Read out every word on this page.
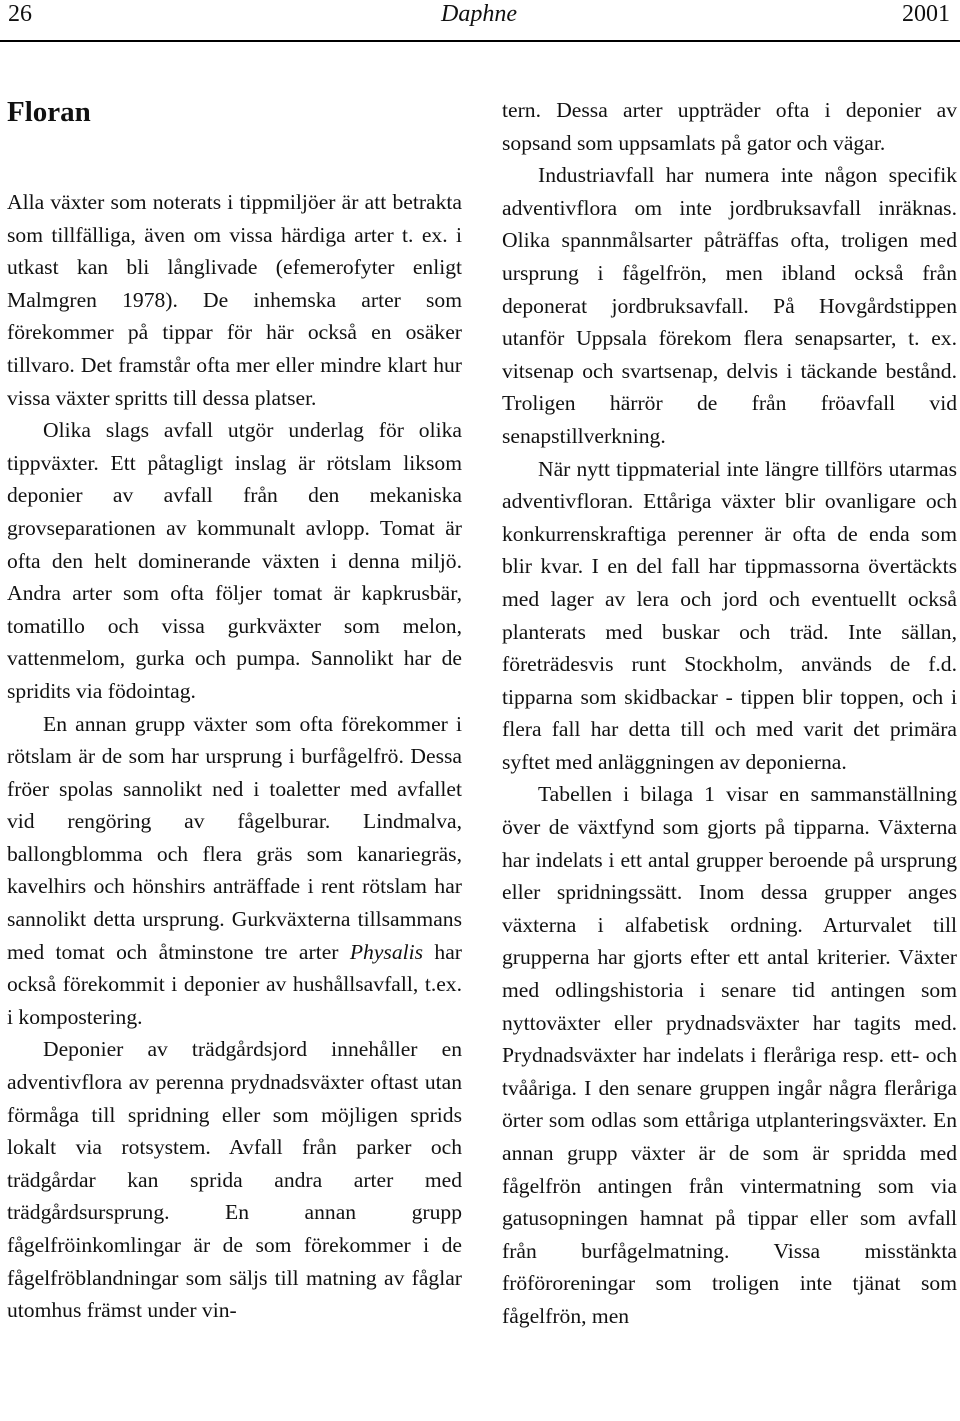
26	Daphne	2001
Floran

Alla växter som noterats i tippmiljöer är att betrakta som tillfälliga, även om vissa härdiga arter t. ex. i utkast kan bli långlivade (efemerofyter enligt Malmgren 1978). De inhemska arter som förekommer på tippar för här också en osäker tillvaro. Det framstår ofta mer eller mindre klart hur vissa växter spritts till dessa platser.

Olika slags avfall utgör underlag för olika tippväxter. Ett påtagligt inslag är rötslam liksom deponier av avfall från den mekaniska grovseparationen av kommunalt avlopp. Tomat är ofta den helt dominerande växten i denna miljö. Andra arter som ofta följer tomat är kapkrusbär, tomatillo och vissa gurkväxter som melon, vattenmelom, gurka och pumpa. Sannolikt har de spridits via födointag.

En annan grupp växter som ofta förekommer i rötslam är de som har ursprung i burfågelfrö. Dessa fröer spolas sannolikt ned i toaletter med avfallet vid rengöring av fågelburar. Lindmalva, ballongblomma och flera gräs som kanariegräs, kavelhirs och hönshirs anträffade i rent rötslam har sannolikt detta ursprung. Gurkväxterna tillsammans med tomat och åtminstone tre arter Physalis har också förekommit i deponier av hushållsavfall, t.ex. i kompostering.

Deponier av trädgårdsjord innehåller en adventivflora av perenna prydnadsväxter oftast utan förmåga till spridning eller som möjligen sprids lokalt via rotsystem. Avfall från parker och trädgårdar kan sprida andra arter med trädgårdsursprung. En annan grupp fågelfröinkomlingar är de som förekommer i de fågelfröblandningar som säljs till matning av fåglar utomhus främst under vin-

tern. Dessa arter uppträder ofta i deponier av sopsand som uppsamlats på gator och vägar.

Industriavfall har numera inte någon specifik adventivflora om inte jordbruksavfall inräknas. Olika spannmålsarter påträffas ofta, troligen med ursprung i fågelfrön, men ibland också från deponerat jordbruksavfall. På Hovgårdstippen utanför Uppsala förekom flera senapsarter, t. ex. vitsenap och svartsenap, delvis i täckande bestånd. Troligen härrör de från fröavfall vid senapstillverkning.

När nytt tippmaterial inte längre tillförs utarmas adventivfloran. Ettåriga växter blir ovanligare och konkurrenskraftiga perenner är ofta de enda som blir kvar. I en del fall har tippmassorna övertäckts med lager av lera och jord och eventuellt också planterats med buskar och träd. Inte sällan, företrädesvis runt Stockholm, används de f.d. tipparna som skidbackar - tippen blir toppen, och i flera fall har detta till och med varit det primära syftet med anläggningen av deponierna.

Tabellen i bilaga 1 visar en sammanställning över de växtfynd som gjorts på tipparna. Växterna har indelats i ett antal grupper beroende på ursprung eller spridningssätt. Inom dessa grupper anges växterna i alfabetisk ordning. Arturvalet till grupperna har gjorts efter ett antal kriterier. Växter med odlingshistoria i senare tid antingen som nyttoväxter eller prydnadsväxter har tagits med. Prydnadsväxter har indelats i fleråriga resp. ett- och tvååriga. I den senare gruppen ingår några fleråriga örter som odlas som ettåriga utplanteringsväxter. En annan grupp växter är de som är spridda med fågelfrön antingen från vintermatning som via gatusopningen hamnat på tippar eller som avfall från burfågelmatning. Vissa misstänkta fröföroreningar som troligen inte tjänat som fågelfrön, men
